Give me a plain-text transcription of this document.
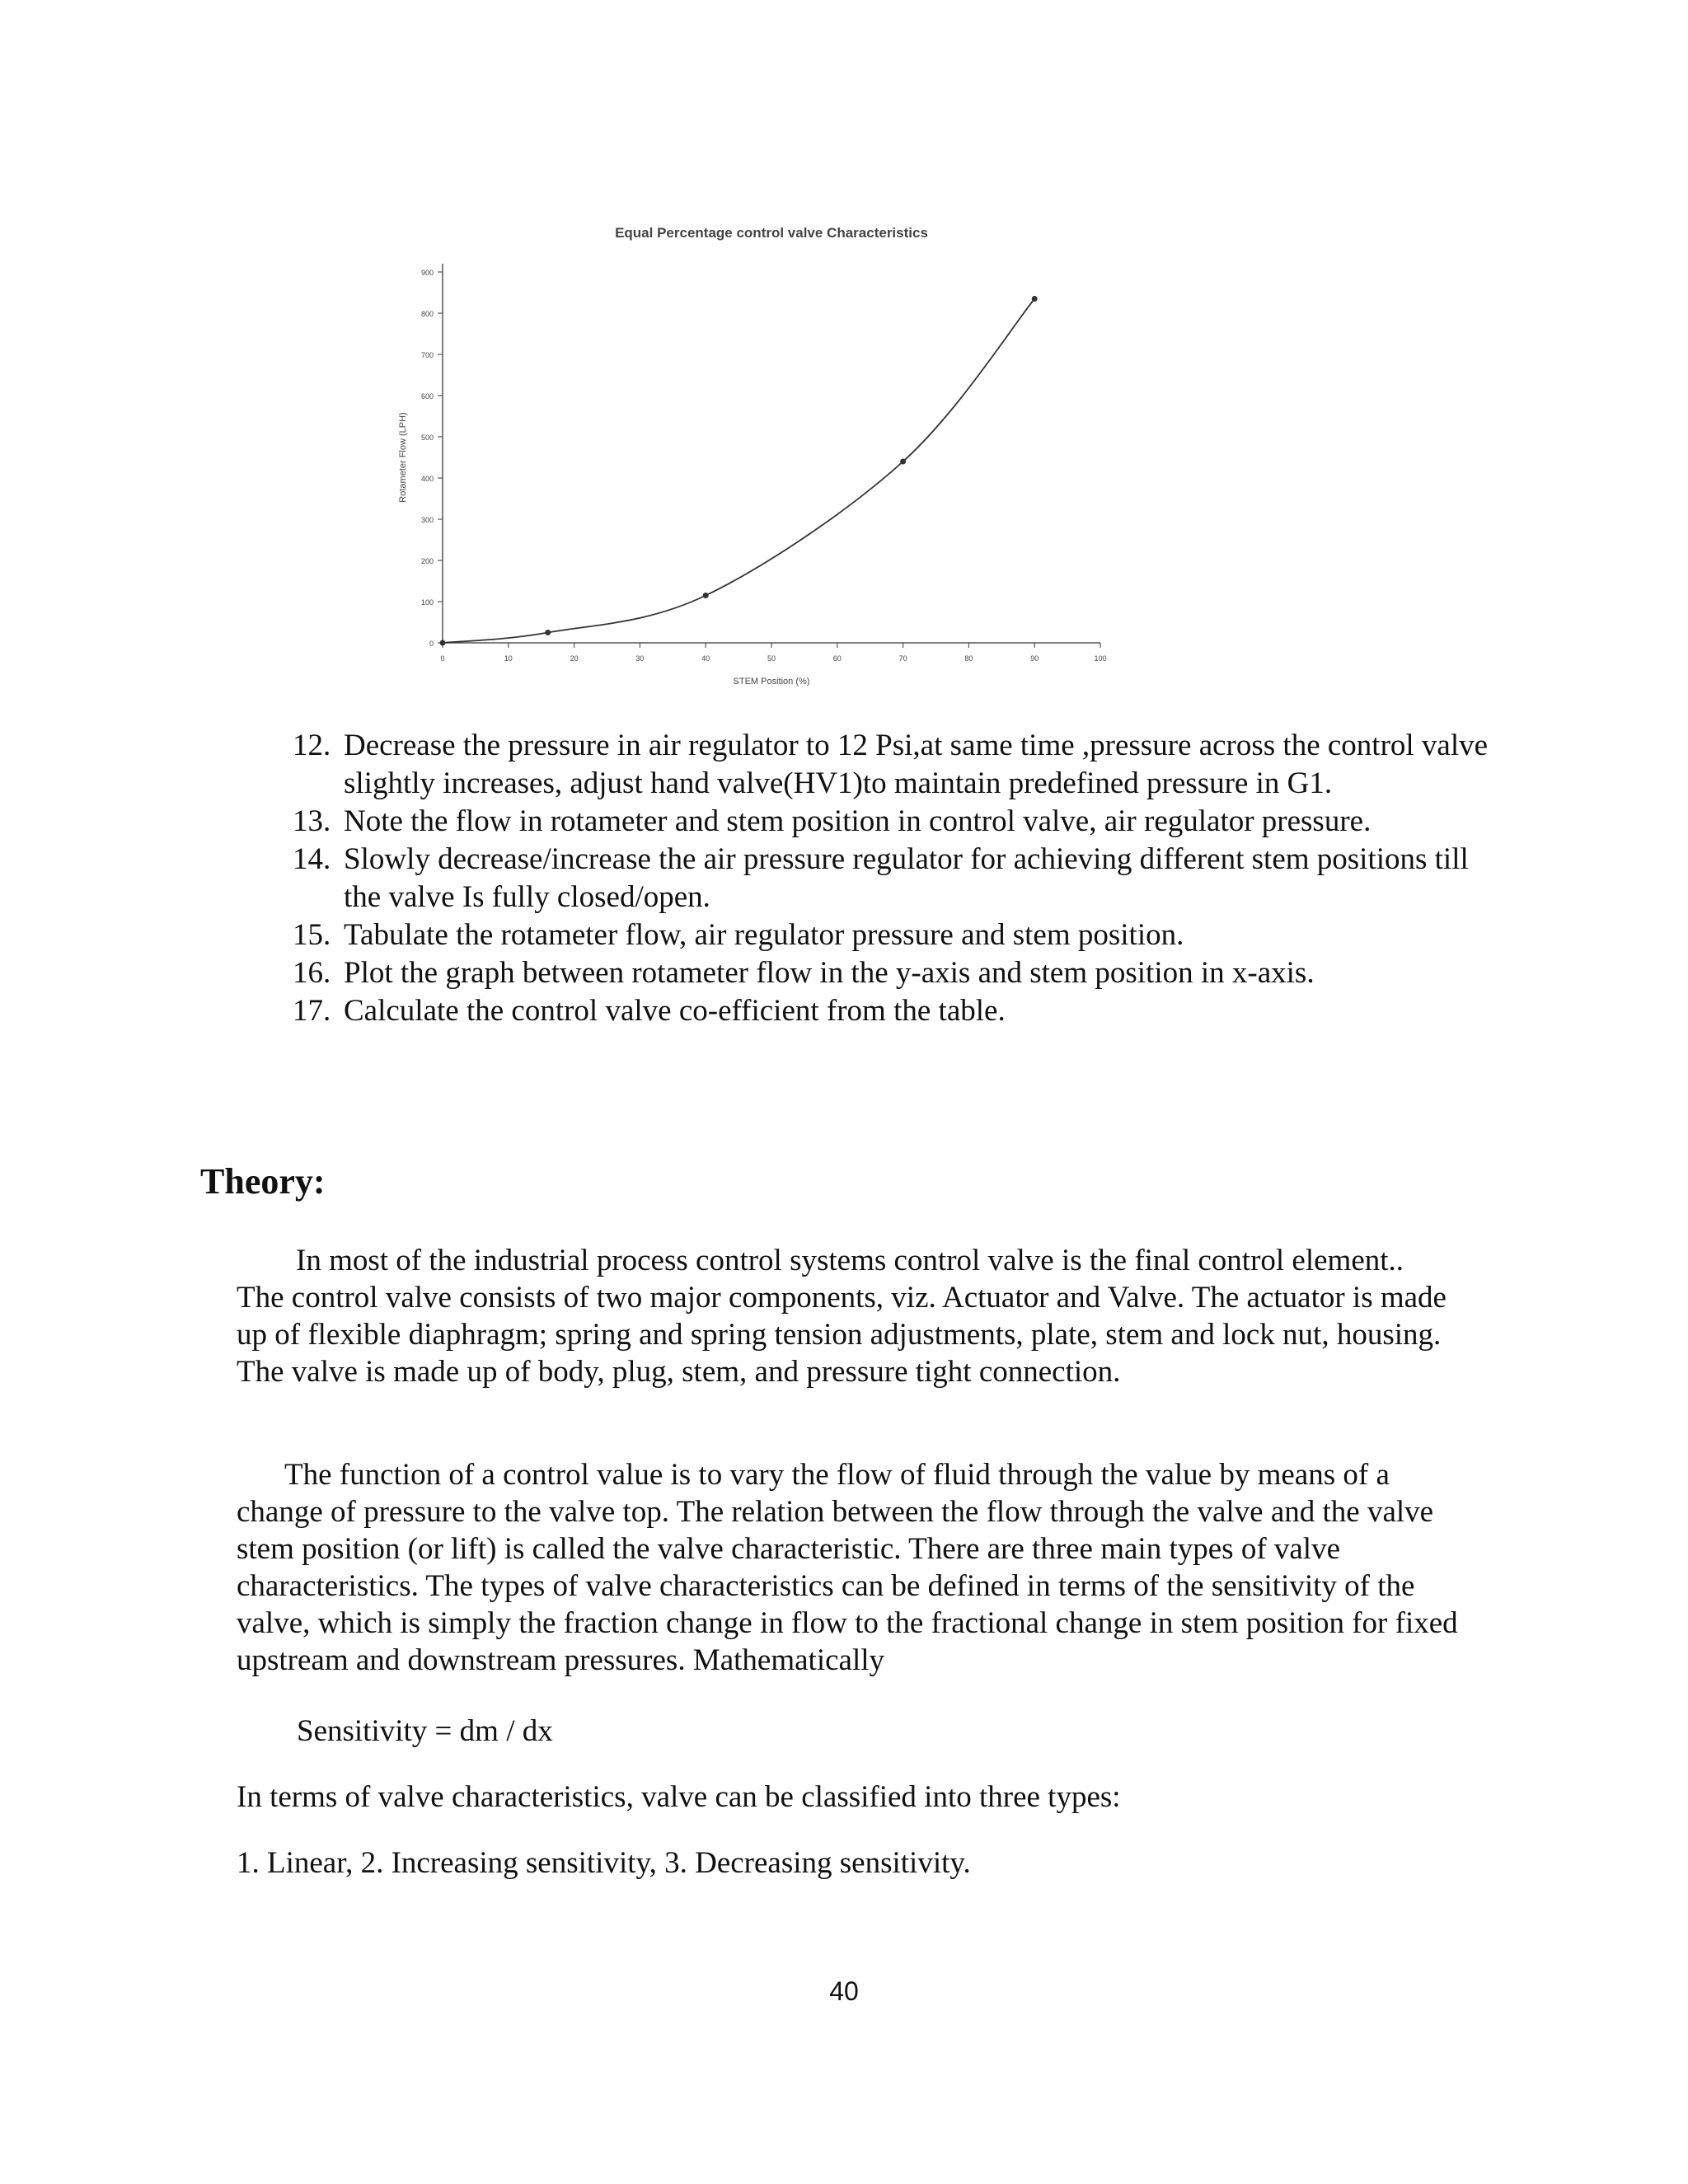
Equal Percentage control valve Characteristics
0
100
200
300
400
500
600
700
800
900
0	10	20	30	40	50	60	70	80	90	100
STEM Position (%)
Rotameter Flow (LPH)
12. Decrease the pressure in air regulator to 12 Psi,at same time ,pressure across the control valve slightly increases, adjust hand valve(HV1)to maintain predefined pressure in G1.
13. Note the flow in rotameter and stem position in control valve, air regulator pressure.
14. Slowly decrease/increase the air pressure regulator for achieving different stem positions till the valve Is fully closed/open.
15. Tabulate the rotameter flow, air regulator pressure and stem position.
16. Plot the graph between rotameter flow in the y-axis and stem position in x-axis.
17. Calculate the control valve co-efficient from the table.
Theory:

In most of the industrial process control systems control valve is the final control element.. The control valve consists of two major components, viz. Actuator and Valve. The actuator is made up of flexible diaphragm; spring and spring tension adjustments, plate, stem and lock nut, housing. The valve is made up of body, plug, stem, and pressure tight connection.

The function of a control value is to vary the flow of fluid through the value by means of a change of pressure to the valve top. The relation between the flow through the valve and the valve stem position (or lift) is called the valve characteristic. There are three main types of valve characteristics. The types of valve characteristics can be defined in terms of the sensitivity of the valve, which is simply the fraction change in flow to the fractional change in stem position for fixed upstream and downstream pressures. Mathematically

Sensitivity = dm / dx

In terms of valve characteristics, valve can be classified into three types:

1. Linear, 2. Increasing sensitivity, 3. Decreasing sensitivity.

40
